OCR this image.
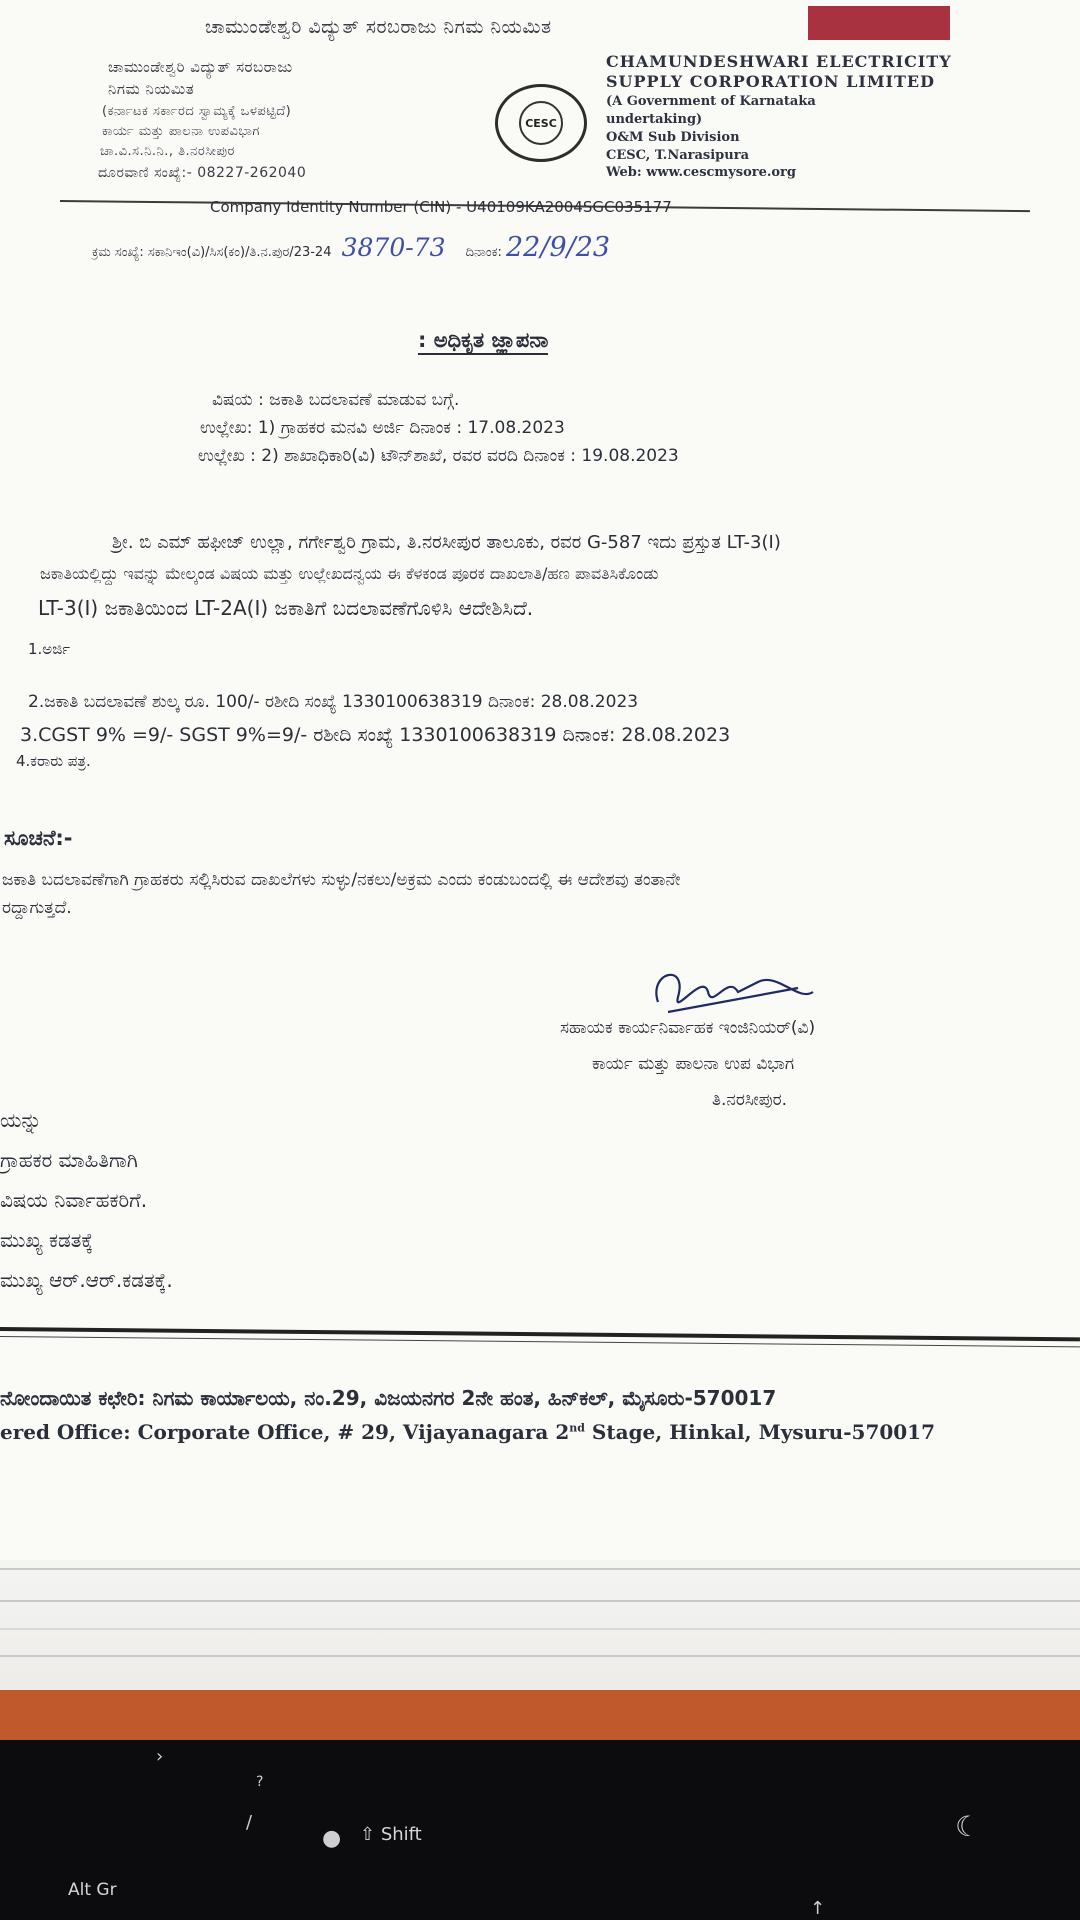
ಚಾಮುಂಡೇಶ್ವರಿ ವಿದ್ಯುತ್ ಸರಬರಾಜು ನಿಗಮ ನಿಯಮಿತ
ಚಾಮುಂಡೇಶ್ವರಿ ವಿದ್ಯುತ್ ಸರಬರಾಜು
ನಿಗಮ ನಿಯಮಿತ
(ಕರ್ನಾಟಕ ಸರ್ಕಾರದ ಸ್ವಾಮ್ಯಕ್ಕೆ ಒಳಪಟ್ಟಿದೆ)
ಕಾರ್ಯ ಮತ್ತು ಪಾಲನಾ ಉಪವಿಭಾಗ
ಚಾ.ವಿ.ಸ.ನಿ.ನಿ., ತಿ.ನರಸೀಪುರ
ದೂರವಾಣಿ ಸಂಖ್ಯೆ:- 08227-262040
CESC
CHAMUNDESHWARI ELECTRICITY
SUPPLY CORPORATION LIMITED
(A Government of Karnataka
undertaking)
O&M Sub Division
CESC, T.Narasipura
Web: www.cescmysore.org
Company Identity Number (CIN) - U40109KA2004SGC035177
ಕ್ರಮ ಸಂಖ್ಯೆ: ಸಕಾನಿಇಂ(ವಿ)/ಸಿಸ(ಕಂ)/ತಿ.ನ.ಪುರ/23-24 3870-73 ದಿನಾಂಕ: 22/9/23
: ಅಧಿಕೃತ ಜ್ಞಾಪನಾ
ವಿಷಯ : ಜಕಾತಿ ಬದಲಾವಣೆ ಮಾಡುವ ಬಗ್ಗೆ.
ಉಲ್ಲೇಖ: 1) ಗ್ರಾಹಕರ ಮನವಿ ಅರ್ಜಿ ದಿನಾಂಕ : 17.08.2023
ಉಲ್ಲೇಖ : 2) ಶಾಖಾಧಿಕಾರಿ(ವಿ) ಟೌನ್‌ಶಾಖೆ, ರವರ ವರದಿ ದಿನಾಂಕ : 19.08.2023
ಶ್ರೀ. ಬಿ ಎಮ್ ಹಫೀಜ್ ಉಲ್ಲಾ, ಗರ್ಗೇಶ್ವರಿ ಗ್ರಾಮ, ತಿ.ನರಸೀಪುರ ತಾಲೂಕು, ರವರ G-587 ಇದು ಪ್ರಸ್ತುತ LT-3(I)
ಜಕಾತಿಯಲ್ಲಿದ್ದು ಇವನ್ನು ಮೇಲ್ಕಂಡ ವಿಷಯ ಮತ್ತು ಉಲ್ಲೇಖದನ್ವಯ ಈ ಕೆಳಕಂಡ ಪೂರಕ ದಾಖಲಾತಿ/ಹಣ ಪಾವತಿಸಿಕೊಂಡು
LT-3(I) ಜಕಾತಿಯಿಂದ LT-2A(I) ಜಕಾತಿಗೆ ಬದಲಾವಣೆಗೊಳಿಸಿ ಆದೇಶಿಸಿದೆ.
1.ಅರ್ಜಿ
2.ಜಕಾತಿ ಬದಲಾವಣೆ ಶುಲ್ಕ ರೂ. 100/- ರಶೀದಿ ಸಂಖ್ಯೆ 1330100638319 ದಿನಾಂಕ: 28.08.2023
3.CGST 9% =9/- SGST 9%=9/- ರಶೀದಿ ಸಂಖ್ಯೆ 1330100638319 ದಿನಾಂಕ: 28.08.2023
4.ಕರಾರು ಪತ್ರ.
ಸೂಚನೆ:-
ಜಕಾತಿ ಬದಲಾವಣೆಗಾಗಿ ಗ್ರಾಹಕರು ಸಲ್ಲಿಸಿರುವ ದಾಖಲೆಗಳು ಸುಳ್ಳು/ನಕಲು/ಅಕ್ರಮ ಎಂದು ಕಂಡುಬಂದಲ್ಲಿ ಈ ಆದೇಶವು ತಂತಾನೇ
ರದ್ದಾಗುತ್ತದೆ.
ಸಹಾಯಕ ಕಾರ್ಯನಿರ್ವಾಹಕ ಇಂಜಿನಿಯರ್(ವಿ)
ಕಾರ್ಯ ಮತ್ತು ಪಾಲನಾ ಉಪ ವಿಭಾಗ
ತಿ.ನರಸೀಪುರ.
ಯನ್ನು
ಗ್ರಾಹಕರ ಮಾಹಿತಿಗಾಗಿ
ವಿಷಯ ನಿರ್ವಾಹಕರಿಗೆ.
ಮುಖ್ಯ ಕಡತಕ್ಕೆ
ಮುಖ್ಯ ಆರ್.ಆರ್.ಕಡತಕ್ಕೆ.
ನೋಂದಾಯಿತ ಕಛೇರಿ: ನಿಗಮ ಕಾರ್ಯಾಲಯ, ನಂ.29, ವಿಜಯನಗರ 2ನೇ ಹಂತ, ಹಿನ್‌ಕಲ್, ಮೈಸೂರು-570017
ered Office: Corporate Office, # 29, Vijayanagara 2nd Stage, Hinkal, Mysuru-570017
›
?
/
● ⇧ Shift	☾
Alt Gr
↑
